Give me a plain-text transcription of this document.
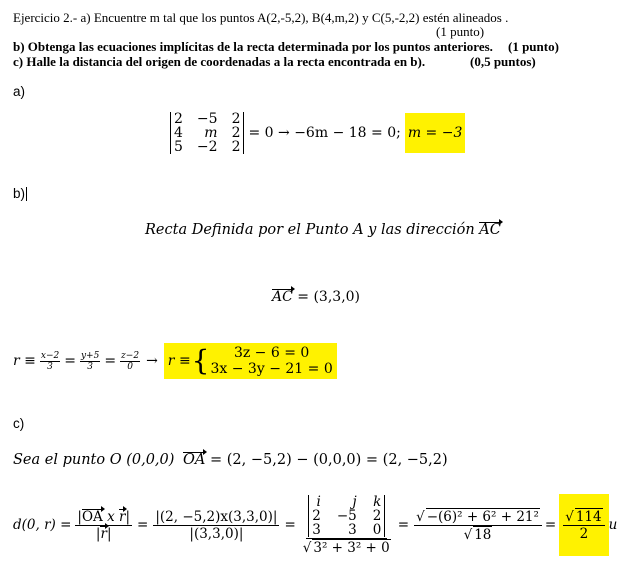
Ejercicio 2.- a) Encuentre m tal que los puntos A(2,-5,2), B(4,m,2) y C(5,-2,2) estén alineados .
(1 punto)
b) Obtenga las ecuaciones implícitas de la recta determinada por los puntos anteriores. (1 punto)
c) Halle la distancia del origen de coordenadas a la recta encontrada en b).	(0,5 puntos)
a)
2 −5 2
4	m 2
5 −2 2
= 0 → −6m − 18 = 0; m = −3
b)
Recta Definida por el Punto A y las dirección AC
AC = (3,3,0)
$r \equiv \frac{x-2}{3} = \frac{y+5}{3} = \frac{z-2}{0} \to r$ ≡ { 3z − 6 = 0
3x − 3y − 21 = 0
c)
Sea el punto O (0,0,0) OA = (2, −5,2) − (0,0,0) = (2, −5,2)
d(0, $r) = \frac{\text{|OA x r|}}{|r|} = \frac{|(2, -5,2)x(3,3,0)|}{|(3,3,0)|} = i$	j k
2 −5 2
3	3 0
√ $3^2 + 3^2 + 0 = \frac{\text{√ −(6)² + 6² + 21²}}{√ 18} = \frac{√ 114}{2}$ u
